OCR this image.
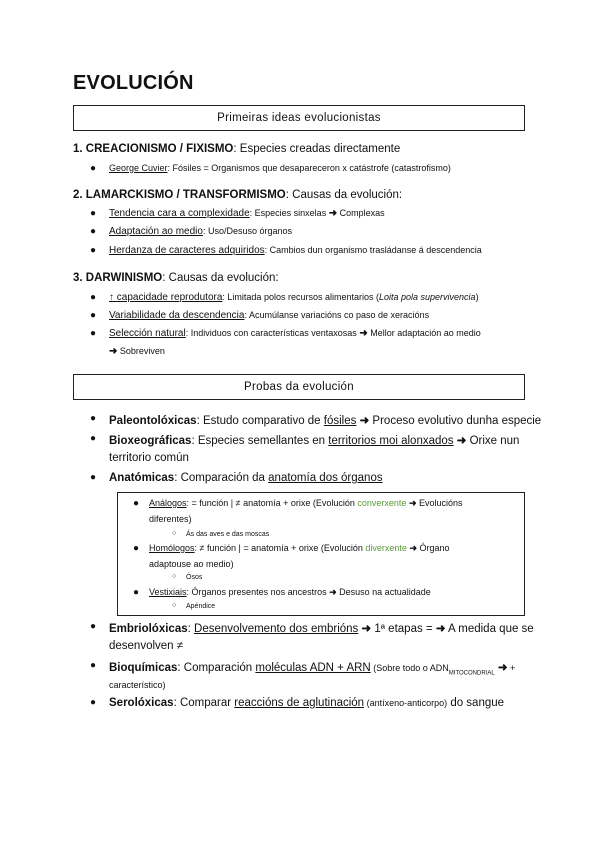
EVOLUCIÓN
Primeiras ideas evolucionistas
1. CREACIONISMO / FIXISMO: Especies creadas directamente
● George Cuvier: Fósiles = Organismos que desapareceron x catástrofe (catastrofismo)
2. LAMARCKISMO / TRANSFORMISMO: Causas da evolución:
● Tendencia cara a complexidade: Especies sinxelas ➜ Complexas
● Adaptación ao medio: Uso/Desuso órganos
● Herdanza de caracteres adquiridos: Cambios dun organismo trasládanse á descendencia
3. DARWINISMO: Causas da evolución:
● ↑ capacidade reprodutora: Limitada polos recursos alimentarios (Loita pola supervivencia)
● Variabilidade da descendencia: Acumúlanse variacións co paso de xeracións
● Selección natural: Individuos con características ventaxosas ➜ Mellor adaptación ao medio
➜ Sobreviven
Probas da evolución
● Paleontolóxicas: Estudo comparativo de fósiles ➜ Proceso evolutivo dunha especie
● Bioxeográficas: Especies semellantes en territorios moi alonxados ➜ Orixe nun
territorio común
● Anatómicas: Comparación da anatomía dos órganos
● Análogos: = función | ≠ anatomía + orixe (Evolución converxente ➜ Evolucións
diferentes)
○ Ás das aves e das moscas
● Homólogos: ≠ función | = anatomía + orixe (Evolución diverxente ➜ Órgano
adaptouse ao medio)
○ Ósos
● Vestixiais: Órganos presentes nos ancestros ➜ Desuso na actualidade
○ Apéndice
● Embriolóxicas: Desenvolvemento dos embrións ➜ 1ª etapas = ➜ A medida que se
desenvolven ≠
● Bioquímicas: Comparación moléculas ADN + ARN (Sobre todo o $ADN_{MITOCONDRIAL}$ ➜ +
característico)
● Serolóxicas: Comparar reaccións de aglutinación (antíxeno-anticorpo) do sangue
